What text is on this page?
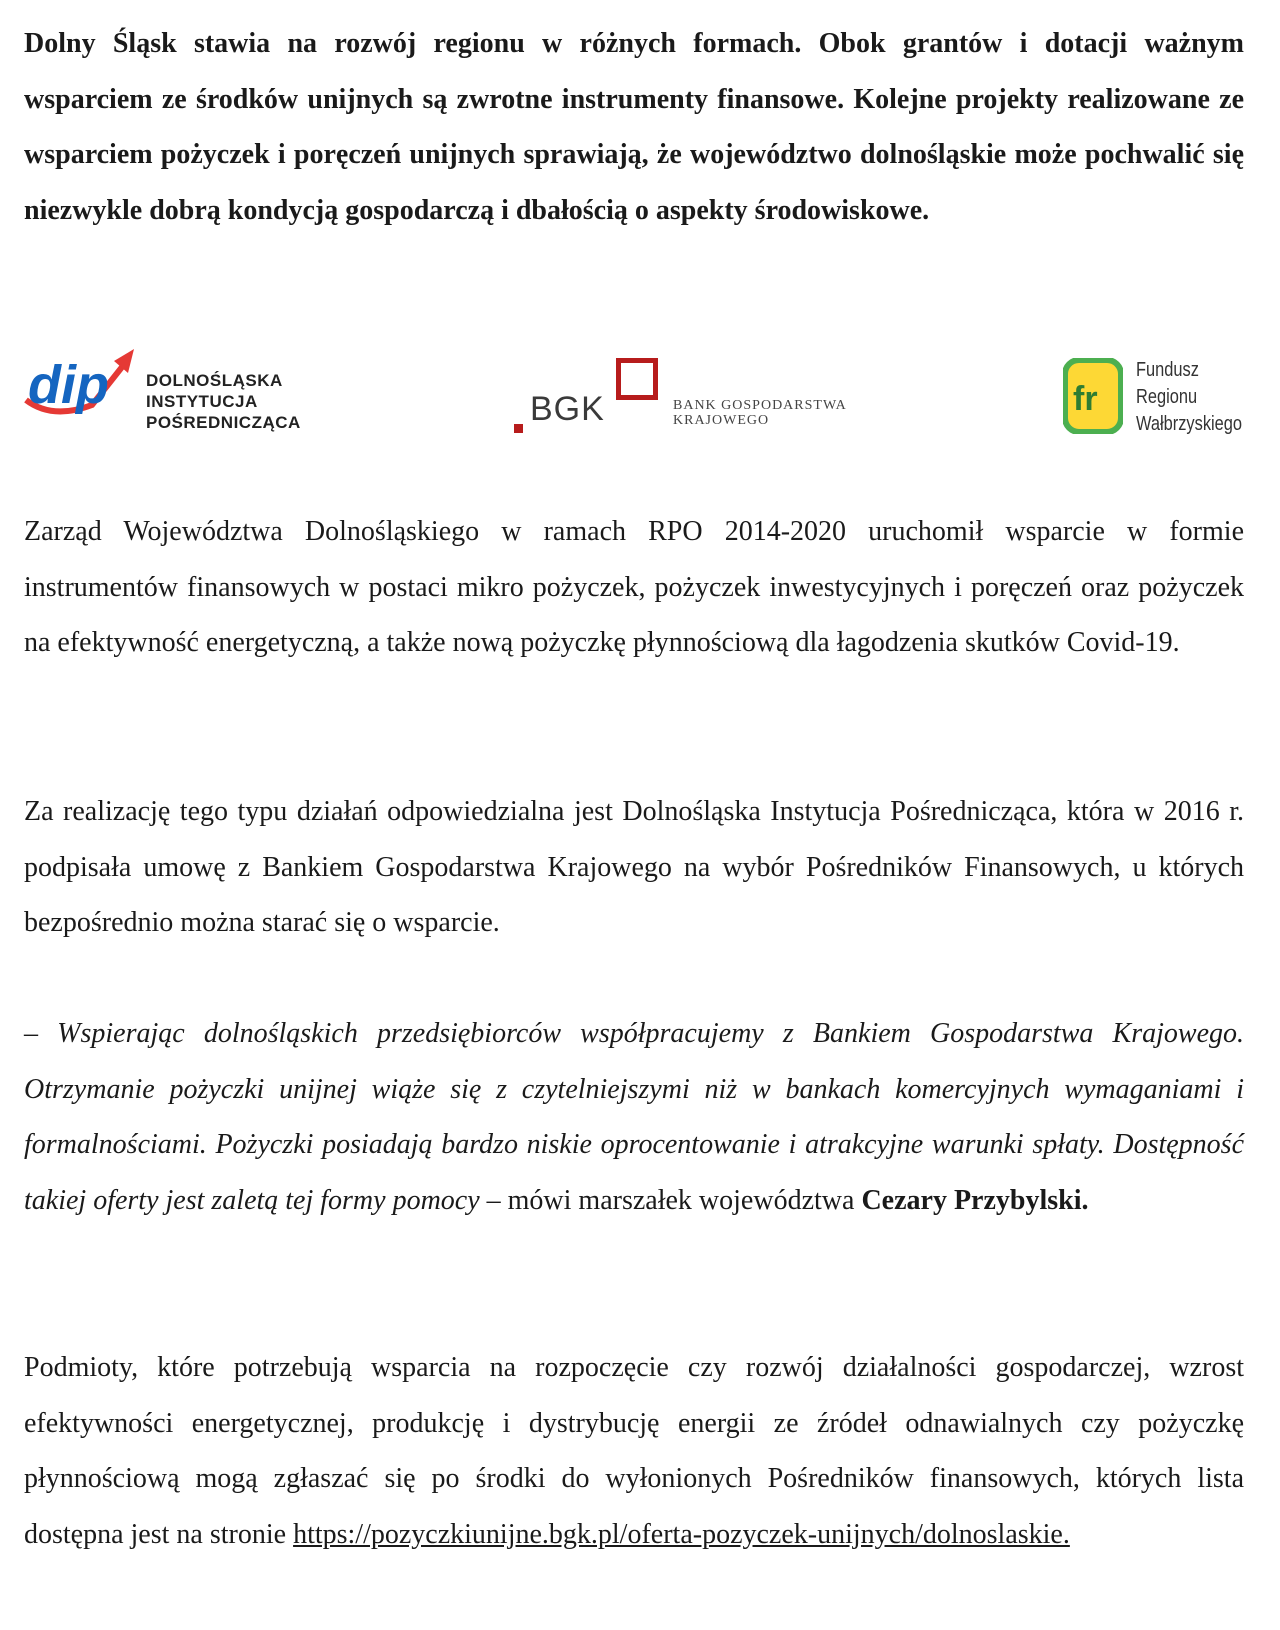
Dolny Śląsk stawia na rozwój regionu w różnych formach. Obok grantów i dotacji ważnym wsparciem ze środków unijnych są zwrotne instrumenty finansowe. Kolejne projekty realizowane ze wsparciem pożyczek i poręczeń unijnych sprawiają, że województwo dolnośląskie może pochwalić się niezwykle dobrą kondycją gospodarczą i dbałością o aspekty środowiskowe.

dip DOLNOŚLĄSKA
INSTYTUCJA
POŚREDNICZĄCA	BGK	BANK GOSPODARSTWA
KRAJOWEGO
fr
Fundusz
Regionu
Wałbrzyskiego

Zarząd Województwa Dolnośląskiego w ramach RPO 2014-2020 uruchomił wsparcie w formie instrumentów finansowych w postaci mikro pożyczek, pożyczek inwestycyjnych i poręczeń oraz pożyczek na efektywność energetyczną, a także nową pożyczkę płynnościową dla łagodzenia skutków Covid-19.

Za realizację tego typu działań odpowiedzialna jest Dolnośląska Instytucja Pośrednicząca, która w 2016 r. podpisała umowę z Bankiem Gospodarstwa Krajowego na wybór Pośredników Finansowych, u których bezpośrednio można starać się o wsparcie.

– Wspierając dolnośląskich przedsiębiorców współpracujemy z Bankiem Gospodarstwa Krajowego. Otrzymanie pożyczki unijnej wiąże się z czytelniejszymi niż w bankach komercyjnych wymaganiami i formalnościami. Pożyczki posiadają bardzo niskie oprocentowanie i atrakcyjne warunki spłaty. Dostępność takiej oferty jest zaletą tej formy pomocy – mówi marszałek województwa Cezary Przybylski.

Podmioty, które potrzebują wsparcia na rozpoczęcie czy rozwój działalności gospodarczej, wzrost efektywności energetycznej, produkcję i dystrybucję energii ze źródeł odnawialnych czy pożyczkę płynnościową mogą zgłaszać się po środki do wyłonionych Pośredników finansowych, których lista dostępna jest na stronie https://pozyczkiunijne.bgk.pl/oferta-pozyczek-unijnych/dolnoslaskie.
